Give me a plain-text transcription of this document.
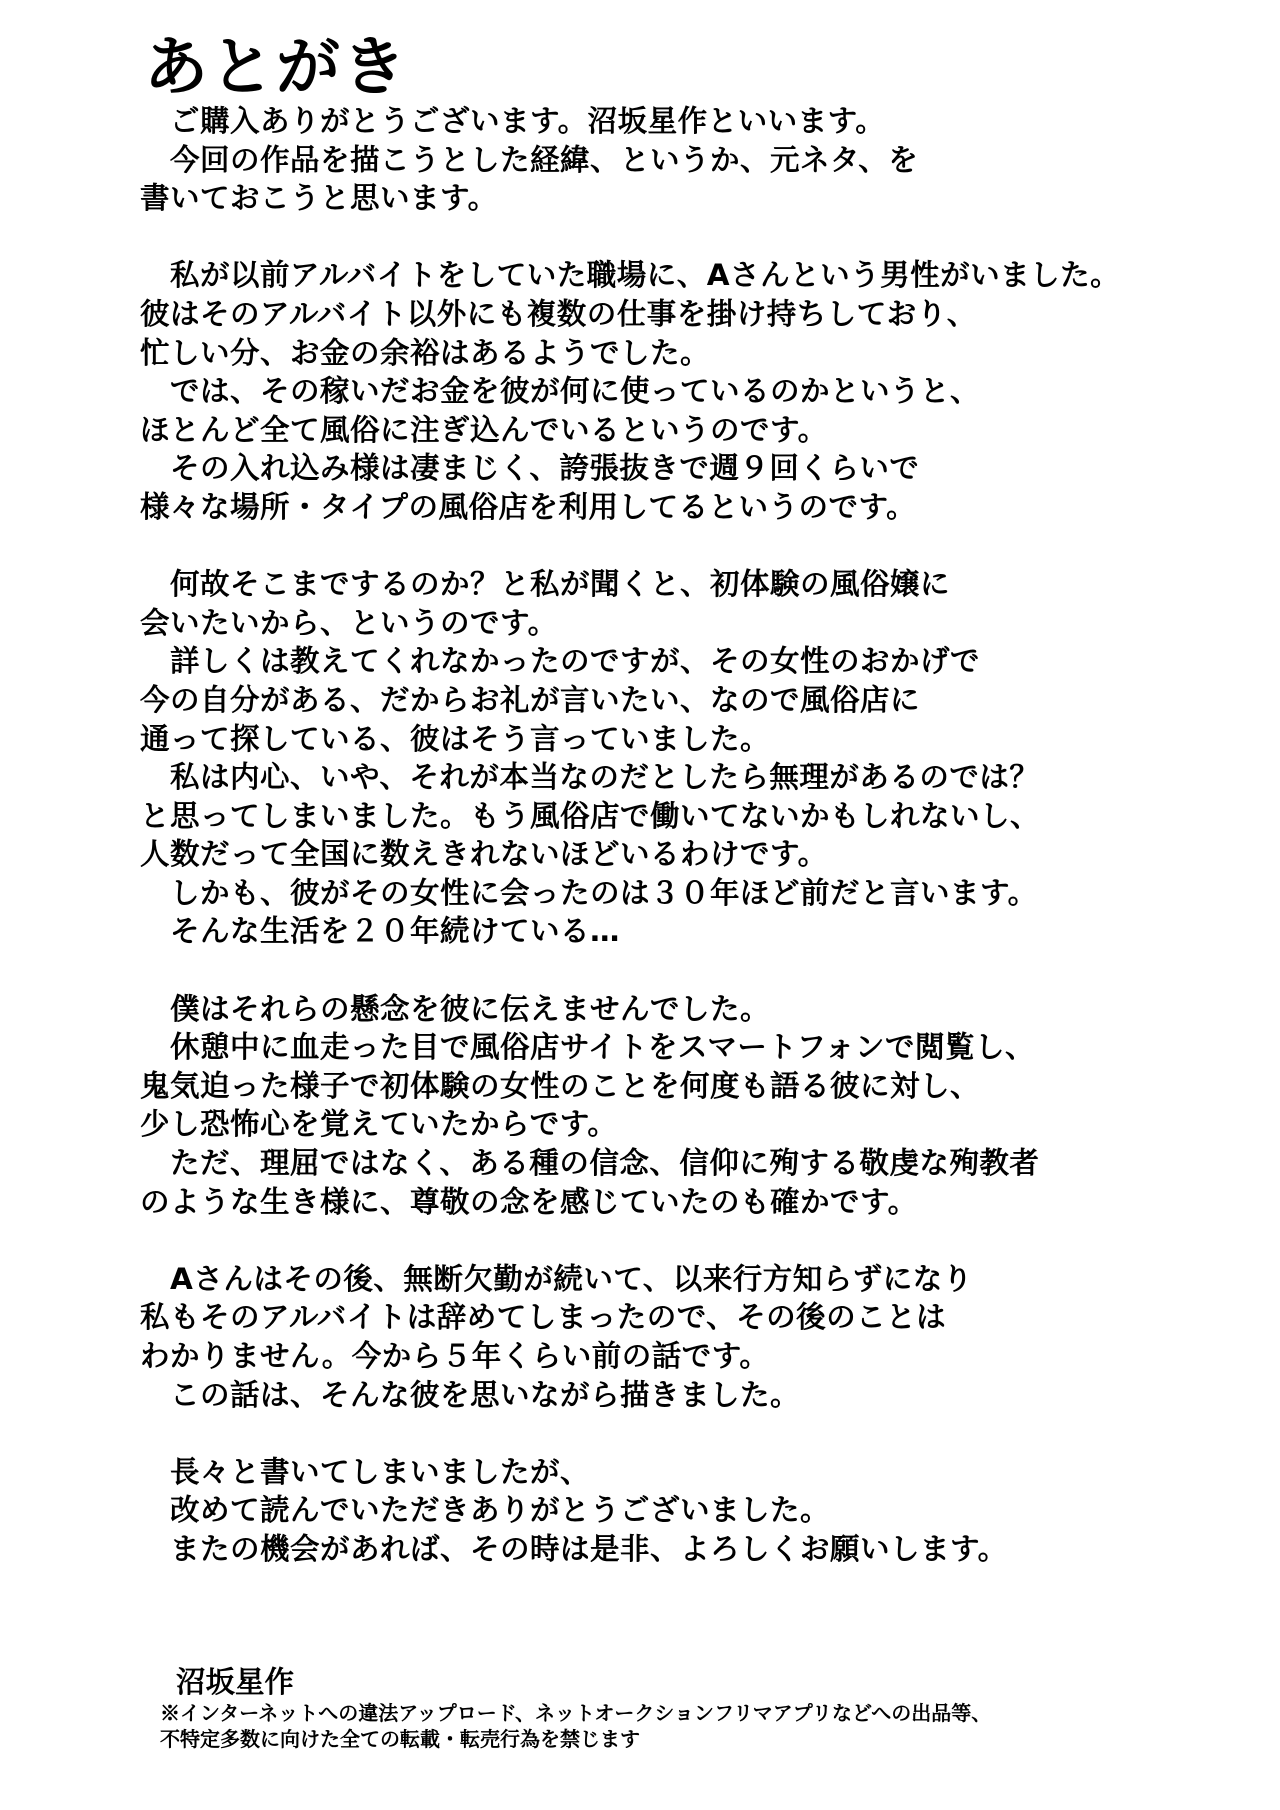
あとがき
　ご購入ありがとうございます。沼坂星作といいます。
　今回の作品を描こうとした経緯、というか、元ネタ、を
書いておこうと思います。
　私が以前アルバイトをしていた職場に、Aさんという男性がいました。
彼はそのアルバイト以外にも複数の仕事を掛け持ちしており、
忙しい分、お金の余裕はあるようでした。
　では、その稼いだお金を彼が何に使っているのかというと、
ほとんど全て風俗に注ぎ込んでいるというのです。
　その入れ込み様は凄まじく、誇張抜きで週９回くらいで
様々な場所・タイプの風俗店を利用してるというのです。
　何故そこまでするのか？と私が聞くと、初体験の風俗嬢に
会いたいから、というのです。
　詳しくは教えてくれなかったのですが、その女性のおかげで
今の自分がある、だからお礼が言いたい、なので風俗店に
通って探している、彼はそう言っていました。
　私は内心、いや、それが本当なのだとしたら無理があるのでは？
と思ってしまいました。もう風俗店で働いてないかもしれないし、
人数だって全国に数えきれないほどいるわけです。
　しかも、彼がその女性に会ったのは３０年ほど前だと言います。
　そんな生活を２０年続けている…
　僕はそれらの懸念を彼に伝えませんでした。
　休憩中に血走った目で風俗店サイトをスマートフォンで閲覧し、
鬼気迫った様子で初体験の女性のことを何度も語る彼に対し、
少し恐怖心を覚えていたからです。
　ただ、理屈ではなく、ある種の信念、信仰に殉する敬虔な殉教者
のような生き様に、尊敬の念を感じていたのも確かです。
　Aさんはその後、無断欠勤が続いて、以来行方知らずになり
私もそのアルバイトは辞めてしまったので、その後のことは
わかりません。今から５年くらい前の話です。
　この話は、そんな彼を思いながら描きました。
　長々と書いてしまいましたが、
　改めて読んでいただきありがとうございました。
　またの機会があれば、その時は是非、よろしくお願いします。
沼坂星作
※インターネットへの違法アップロード、ネットオークションフリマアプリなどへの出品等、
不特定多数に向けた全ての転載・転売行為を禁じます
